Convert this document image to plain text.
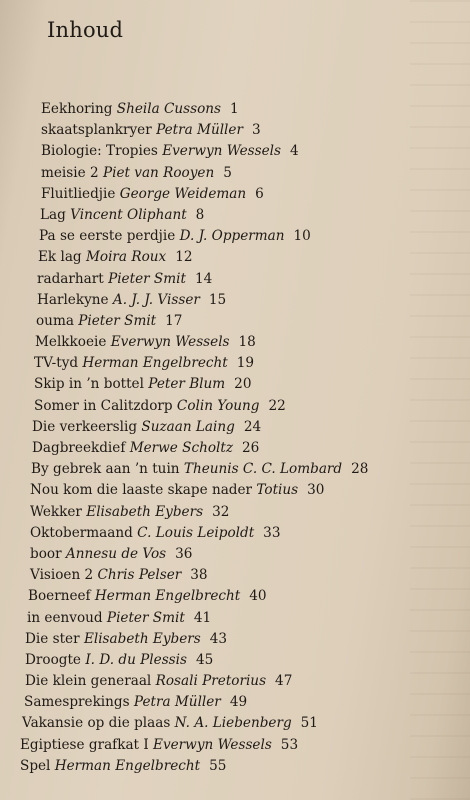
Inhoud
Eekhoring Sheila Cussons 1
skaatsplankryer Petra Müller 3
Biologie: Tropies Everwyn Wessels 4
meisie 2 Piet van Rooyen 5
Fluitliedjie George Weideman 6
Lag Vincent Oliphant 8
Pa se eerste perdjie D. J. Opperman 10
Ek lag Moira Roux 12
radarhart Pieter Smit 14
Harlekyne A. J. J. Visser 15
ouma Pieter Smit 17
Melkkoeie Everwyn Wessels 18
TV-tyd Herman Engelbrecht 19
Skip in ’n bottel Peter Blum 20
Somer in Calitzdorp Colin Young 22
Die verkeerslig Suzaan Laing 24
Dagbreekdief Merwe Scholtz 26
By gebrek aan ’n tuin Theunis C. C. Lombard 28
Nou kom die laaste skape nader Totius 30
Wekker Elisabeth Eybers 32
Oktobermaand C. Louis Leipoldt 33
boor Annesu de Vos 36
Visioen 2 Chris Pelser 38
Boerneef Herman Engelbrecht 40
in eenvoud Pieter Smit 41
Die ster Elisabeth Eybers 43
Droogte I. D. du Plessis 45
Die klein generaal Rosali Pretorius 47
Samesprekings Petra Müller 49
Vakansie op die plaas N. A. Liebenberg 51
Egiptiese grafkat I Everwyn Wessels 53
Spel Herman Engelbrecht 55
